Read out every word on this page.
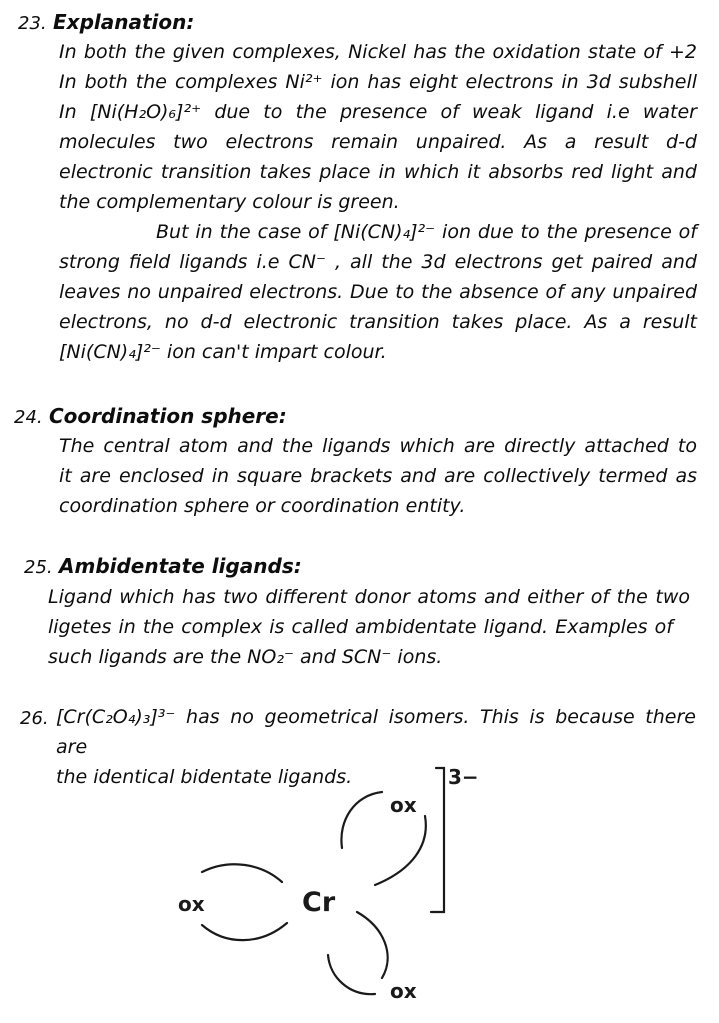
23. Explanation:
In both the given complexes, Nickel has the oxidation state of +2
In both the complexes Ni²⁺ ion has eight electrons in 3d subshell
In [Ni(H₂O)₆]²⁺ due to the presence of weak ligand i.e water
molecules two electrons remain unpaired. As a result d-d
electronic transition takes place in which it absorbs red light and
the complementary colour is green.
But in the case of [Ni(CN)₄]²⁻ ion due to the presence of
strong field ligands i.e CN⁻ , all the 3d electrons get paired and
leaves no unpaired electrons. Due to the absence of any unpaired
electrons, no d-d electronic transition takes place. As a result
[Ni(CN)₄]²⁻ ion can't impart colour.
24. Coordination sphere:
The central atom and the ligands which are directly attached to
it are enclosed in square brackets and are collectively termed as
coordination sphere or coordination entity.
25. Ambidentate ligands:
Ligand which has two different donor atoms and either of the two
ligetes in the complex is called ambidentate ligand. Examples of
such ligands are the NO₂⁻ and SCN⁻ ions.
26. [Cr(C₂O₄)₃]³⁻ has no geometrical isomers. This is because there are
the identical bidentate ligands.
Cr
ox
ox
ox
3−
